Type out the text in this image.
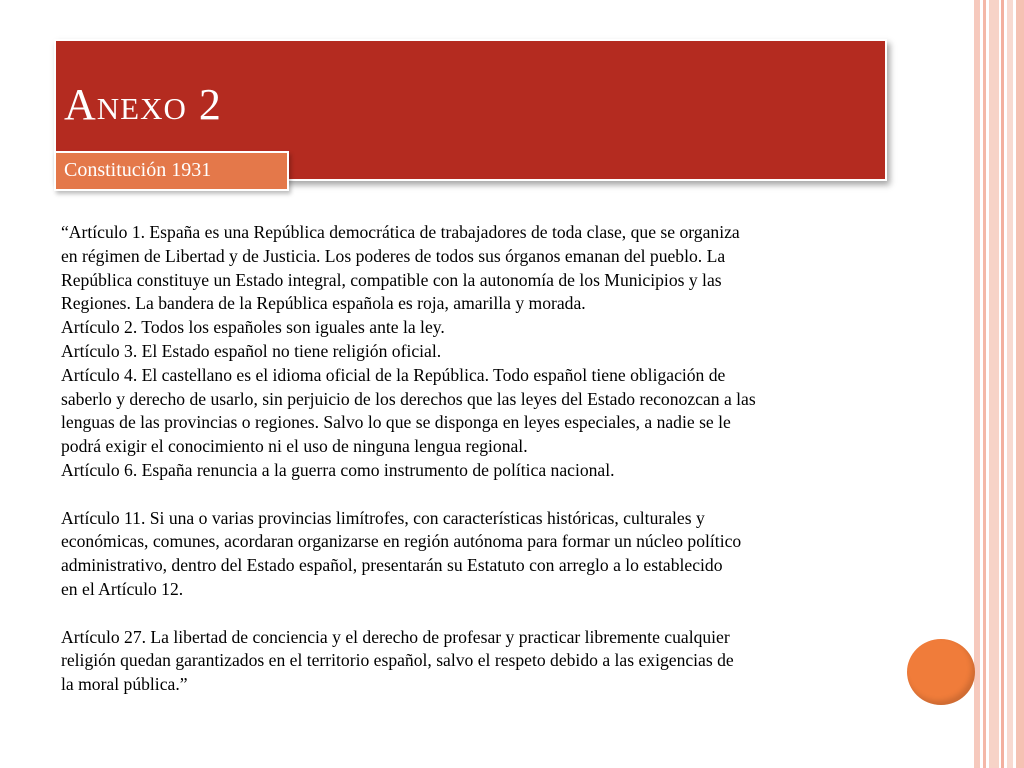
Anexo 2
Constitución 1931

“Artículo 1. España es una República democrática de trabajadores de toda clase, que se organiza

en régimen de Libertad y de Justicia. Los poderes de todos sus órganos emanan del pueblo. La

República constituye un Estado integral, compatible con la autonomía de los Municipios y las

Regiones. La bandera de la República española es roja, amarilla y morada.

Artículo 2. Todos los españoles son iguales ante la ley.

Artículo 3. El Estado español no tiene religión oficial.

Artículo 4. El castellano es el idioma oficial de la República. Todo español tiene obligación de

saberlo y derecho de usarlo, sin perjuicio de los derechos que las leyes del Estado reconozcan a las

lenguas de las provincias o regiones. Salvo lo que se disponga en leyes especiales, a nadie se le

podrá exigir el conocimiento ni el uso de ninguna lengua regional.

Artículo 6. España renuncia a la guerra como instrumento de política nacional.

Artículo 11. Si una o varias provincias limítrofes, con características históricas, culturales y

económicas, comunes, acordaran organizarse en región autónoma para formar un núcleo político

administrativo, dentro del Estado español, presentarán su Estatuto con arreglo a lo establecido

en el Artículo 12.

Artículo 27. La libertad de conciencia y el derecho de profesar y practicar libremente cualquier

religión quedan garantizados en el territorio español, salvo el respeto debido a las exigencias de

la moral pública.”
